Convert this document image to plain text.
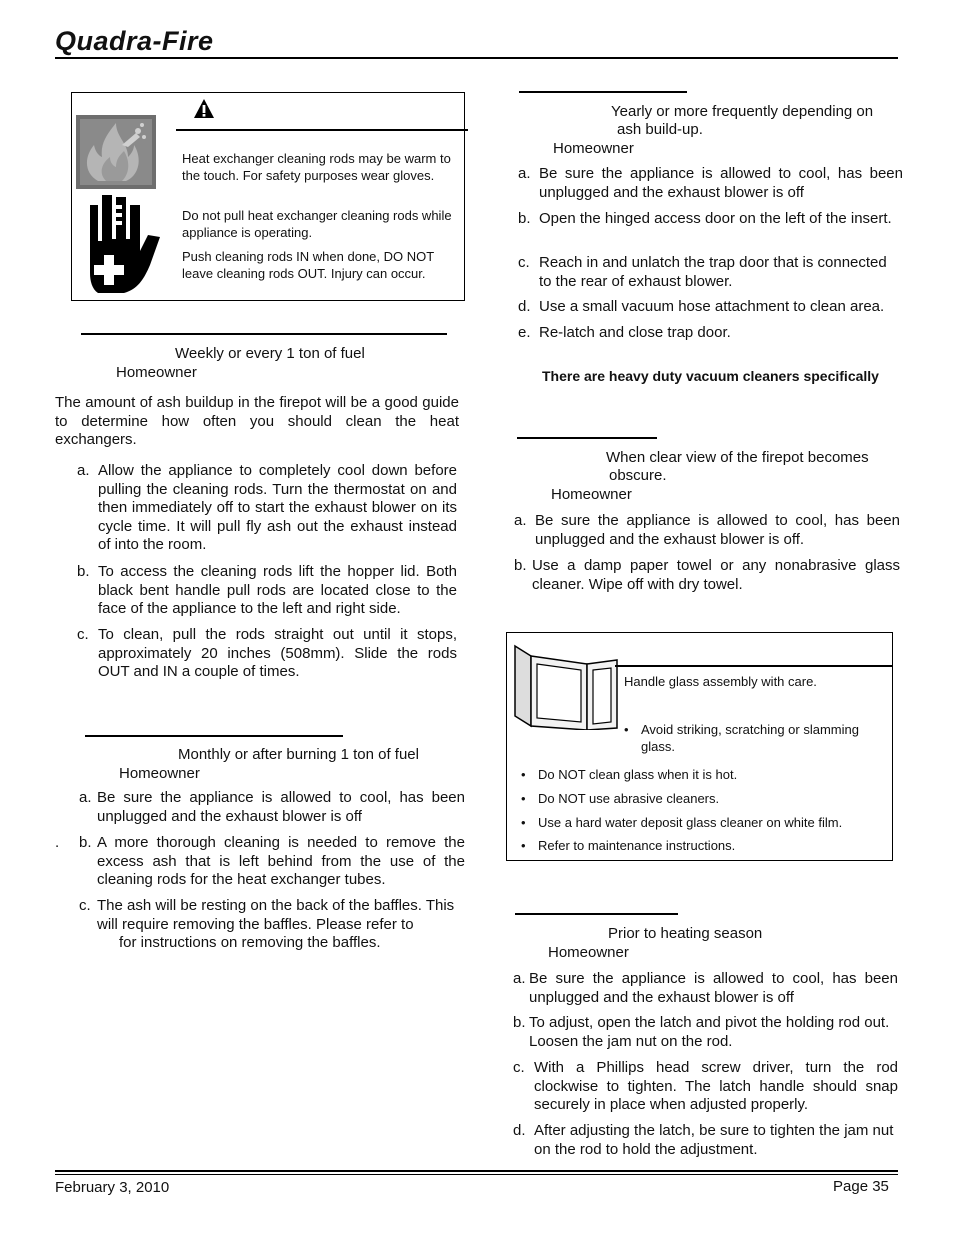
Quadra-Fire
Heat exchanger cleaning rods may be warm to the touch. For safety purposes wear gloves.
Do not pull heat exchanger cleaning rods while appliance is operating.
Push cleaning rods IN when done, DO NOT leave cleaning rods OUT. Injury can occur.
Weekly or every 1 ton of fuel
Homeowner
The amount of ash buildup in the firepot will be a good guide to determine how often you should clean the heat exchangers.
a. Allow the appliance to completely cool down before pulling the cleaning rods. Turn the thermostat on and then immediately off to start the exhaust blower on its cycle time. It will pull fly ash out the exhaust instead of into the room.
b. To access the cleaning rods lift the hopper lid. Both black bent handle pull rods are located close to the face of the appliance to the left and right side.
c. To clean, pull the rods straight out until it stops, approximately 20 inches (508mm). Slide the rods OUT and IN a couple of times.
Monthly or after burning 1 ton of fuel
Homeowner
a. Be sure the appliance is allowed to cool, has been unplugged and the exhaust blower is off
. b. A more thorough cleaning is needed to remove the excess ash that is left behind from the use of the cleaning rods for the heat exchanger tubes.
c. The ash will be resting on the back of the baffles. This will require removing the baffles. Please refer to
for instructions on removing the baffles.
Yearly or more frequently depending on
ash build-up.
Homeowner
a. Be sure the appliance is allowed to cool, has been unplugged and the exhaust blower is off
b. Open the hinged access door on the left of the insert.
c. Reach in and unlatch the trap door that is connected to the rear of exhaust blower.
d. Use a small vacuum hose attachment to clean area.
e. Re-latch and close trap door.
There are heavy duty vacuum cleaners specifically
When clear view of the firepot becomes
obscure.
Homeowner
a. Be sure the appliance is allowed to cool, has been unplugged and the exhaust blower is off.
b. Use a damp paper towel or any nonabrasive glass cleaner. Wipe off with dry towel.
Handle glass assembly with care.
• Avoid striking, scratching or slamming glass.
• Do NOT clean glass when it is hot.
• Do NOT use abrasive cleaners.
• Use a hard water deposit glass cleaner on white film.
• Refer to maintenance instructions.
Prior to heating season
Homeowner
a. Be sure the appliance is allowed to cool, has been unplugged and the exhaust blower is off
b. To adjust, open the latch and pivot the holding rod out. Loosen the jam nut on the rod.
c. With a Phillips head screw driver, turn the rod clockwise to tighten. The latch handle should snap securely in place when adjusted properly.
d. After adjusting the latch, be sure to tighten the jam nut on the rod to hold the adjustment.
February 3, 2010	Page 35
